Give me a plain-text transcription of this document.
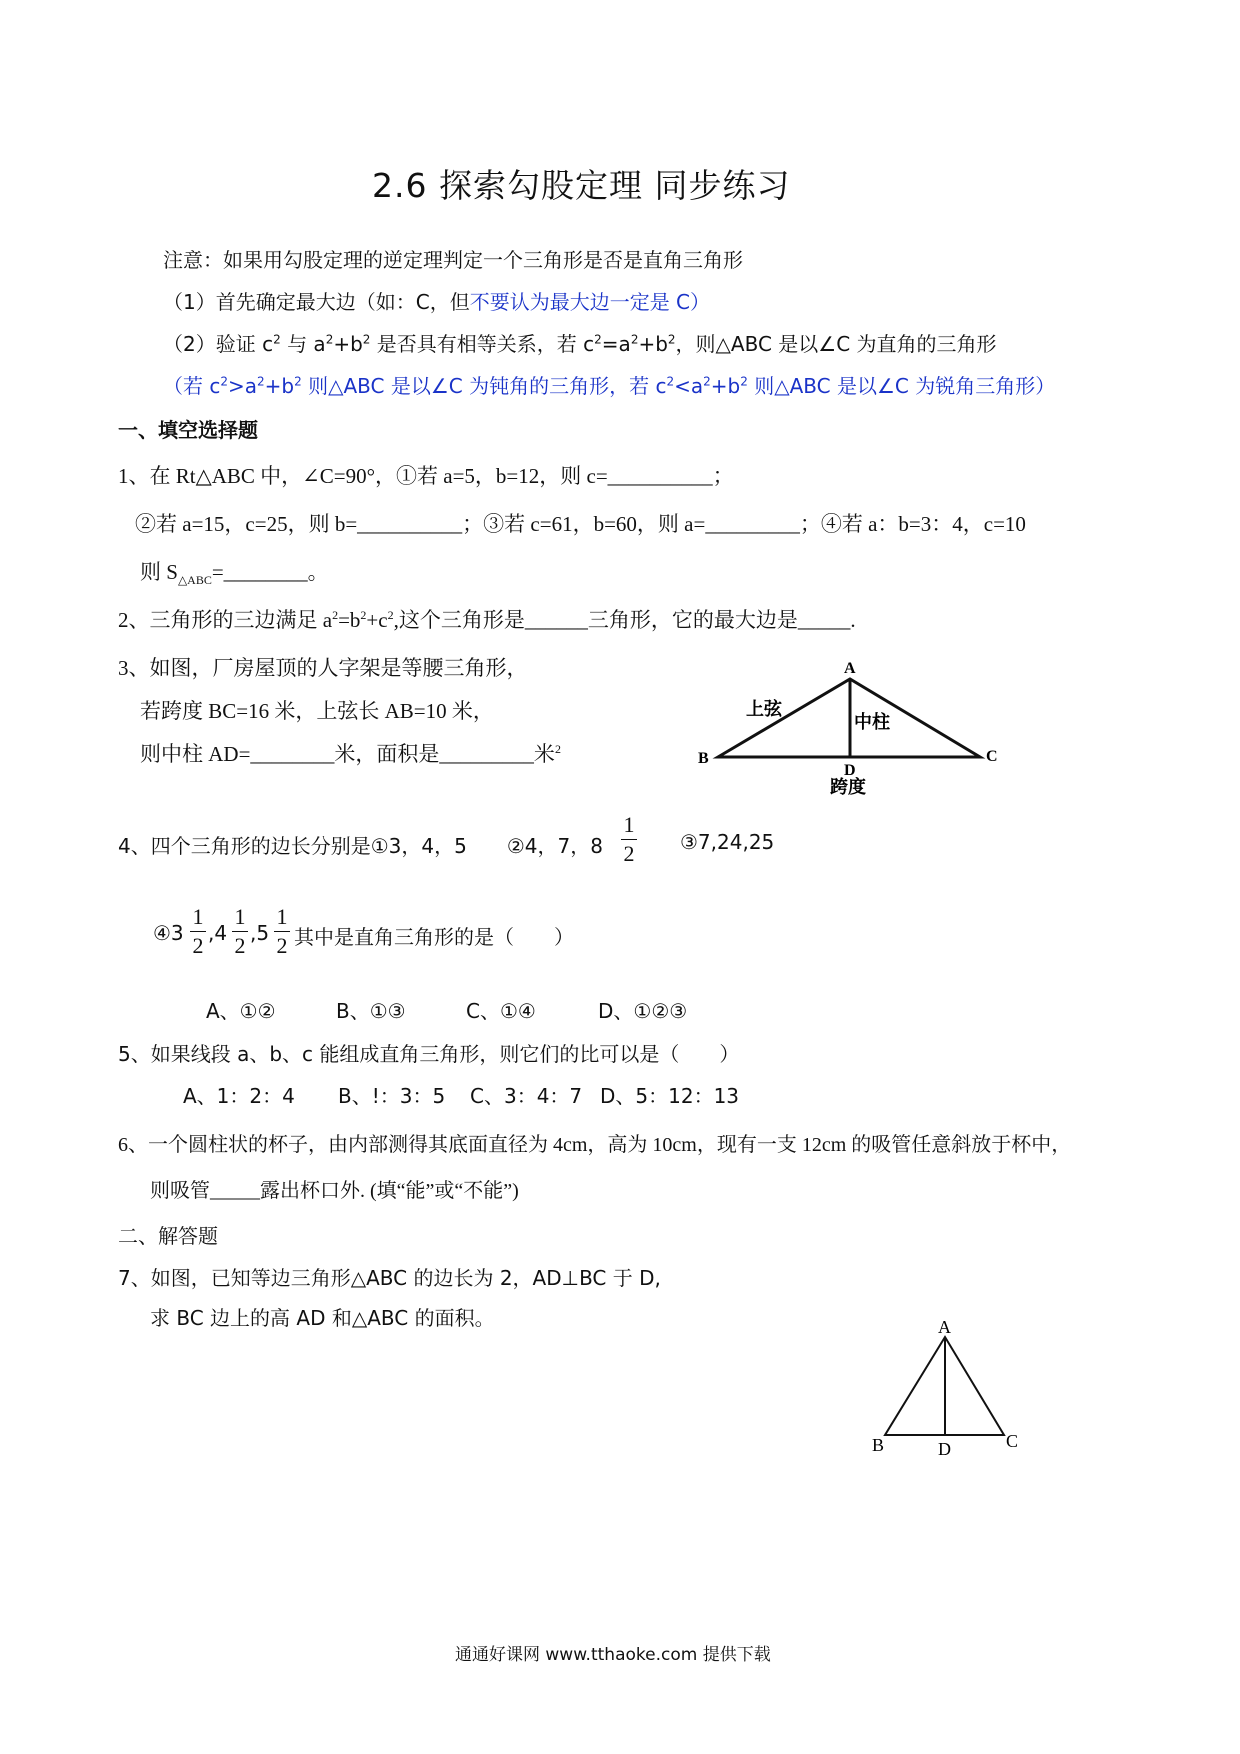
2.6 探索勾股定理 同步练习
注意：如果用勾股定理的逆定理判定一个三角形是否是直角三角形
（1）首先确定最大边（如：C，但不要认为最大边一定是 C）
（2）验证 $c^2$ 与 $a^2+b^2$ 是否具有相等关系，若 $c^2=a^2+b^2$，则△ABC 是以∠C 为直角的三角形
（若 $c^2>a^2+b^2$ 则△ABC 是以∠C 为钝角的三角形，若 $c^2<a^2+b^2$ 则△ABC 是以∠C 为锐角三角形）
一、填空选择题
1、在 Rt△ABC 中，∠C=90°，①若 a=5，b=12，则 c=__________；
②若 a=15，c=25，则 b=__________；③若 c=61，b=60，则 a=_________；④若 a：b=3：4，c=10
则 $S_{\triangle ABC}=\_\_\_\_\_\_\_\_$。
2、三角形的三边满足 $a^2=b^2+c^2$,这个三角形是______三角形，它的最大边是_____.
3、如图，厂房屋顶的人字架是等腰三角形，
若跨度 BC=16 米，上弦长 AB=10 米，
则中柱 AD=________米，面积是_________米$^2$
A
B	C
D
上弦
中柱
跨度
4、四个三角形的边长分别是①3，4，5　　②4，7，8
1
2 ③7,24,25
④3
1
2 ,4
1
2 ,5
1
2 其中是直角三角形的是（　　）
A、①②	B、①③	C、①④	D、①②③
5、如果线段 a、b、c 能组成直角三角形，则它们的比可以是（　　）
A、1：2：4 B、!：3：5 C、3：4：7 D、5：12：13
6、一个圆柱状的杯子，由内部测得其底面直径为 4cm，高为 10cm，现有一支 12cm 的吸管任意斜放于杯中，
则吸管_____露出杯口外. (填“能”或“不能”)
二、解答题
7、如图，已知等边三角形△ABC 的边长为 2，AD⊥BC 于 D,
求 BC 边上的高 AD 和△ABC 的面积。	A
B	C
D
通通好课网 www.tthaoke.com 提供下载
